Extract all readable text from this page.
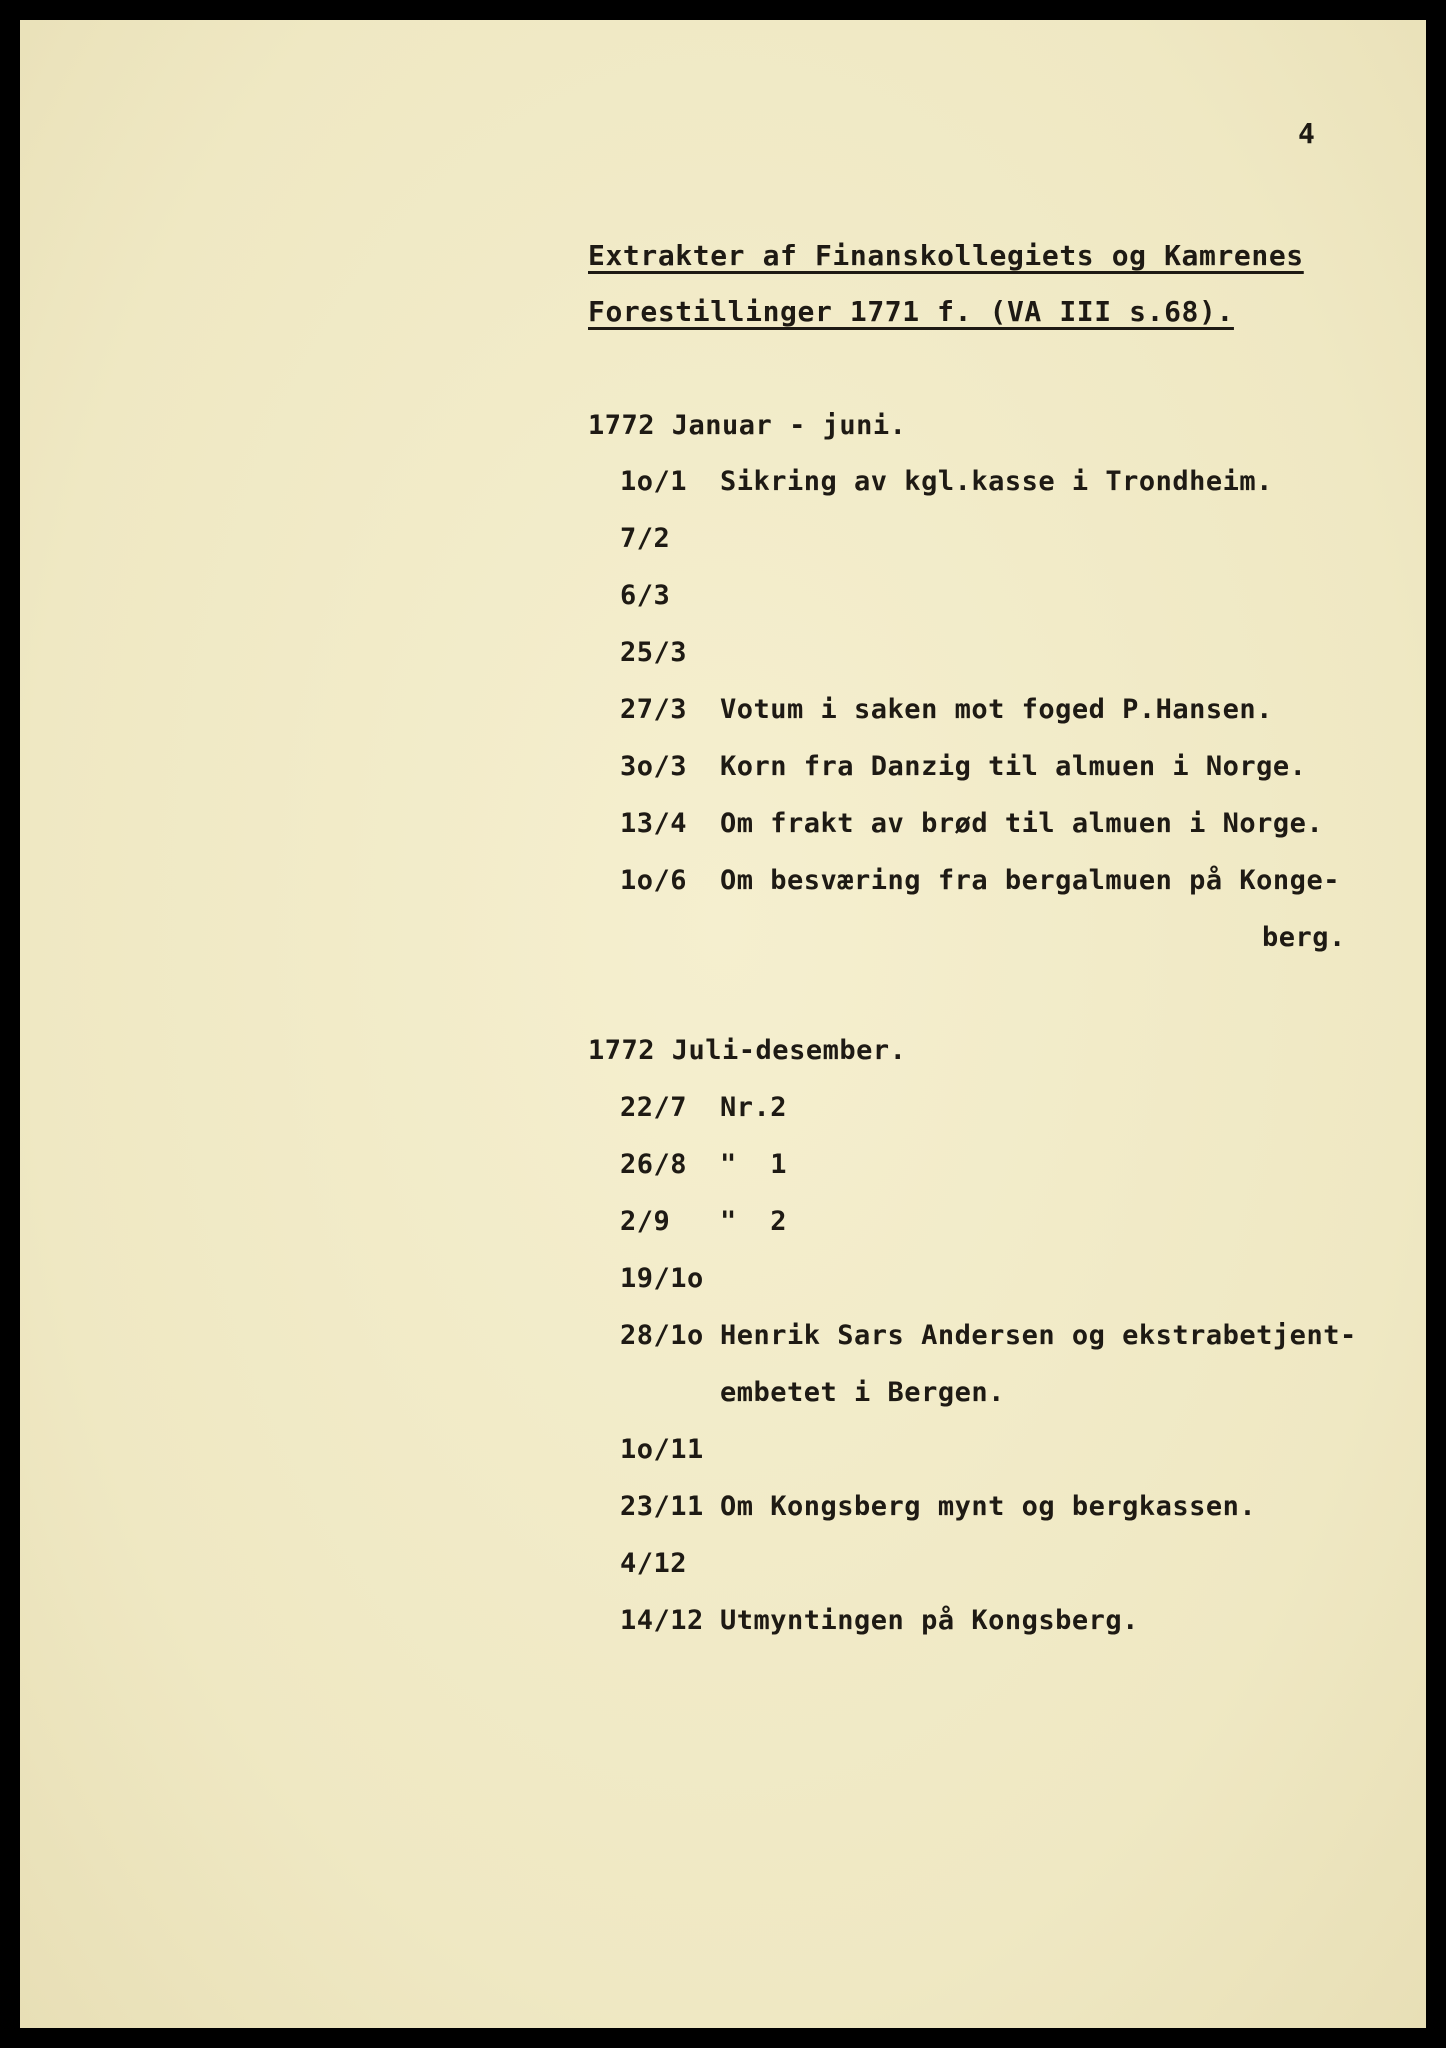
4
Extrakter af Finanskollegiets og Kamrenes
Forestillinger 1771 f. (VA III s.68).
1772 Januar - juni.
1o/1 Sikring av kgl.kasse i Trondheim.
7/2
6/3
25/3
27/3 Votum i saken mot foged P.Hansen.
3o/3 Korn fra Danzig til almuen i Norge.
13/4 Om frakt av brød til almuen i Norge.
1o/6 Om besværing fra bergalmuen på Konge-
berg.
1772 Juli-desember.
22/7 Nr.2
26/8 "  1
2/9 "  2
19/1o
28/1o Henrik Sars Andersen og ekstrabetjent-
embetet i Bergen.
1o/11
23/11 Om Kongsberg mynt og bergkassen.
4/12
14/12 Utmyntingen på Kongsberg.
